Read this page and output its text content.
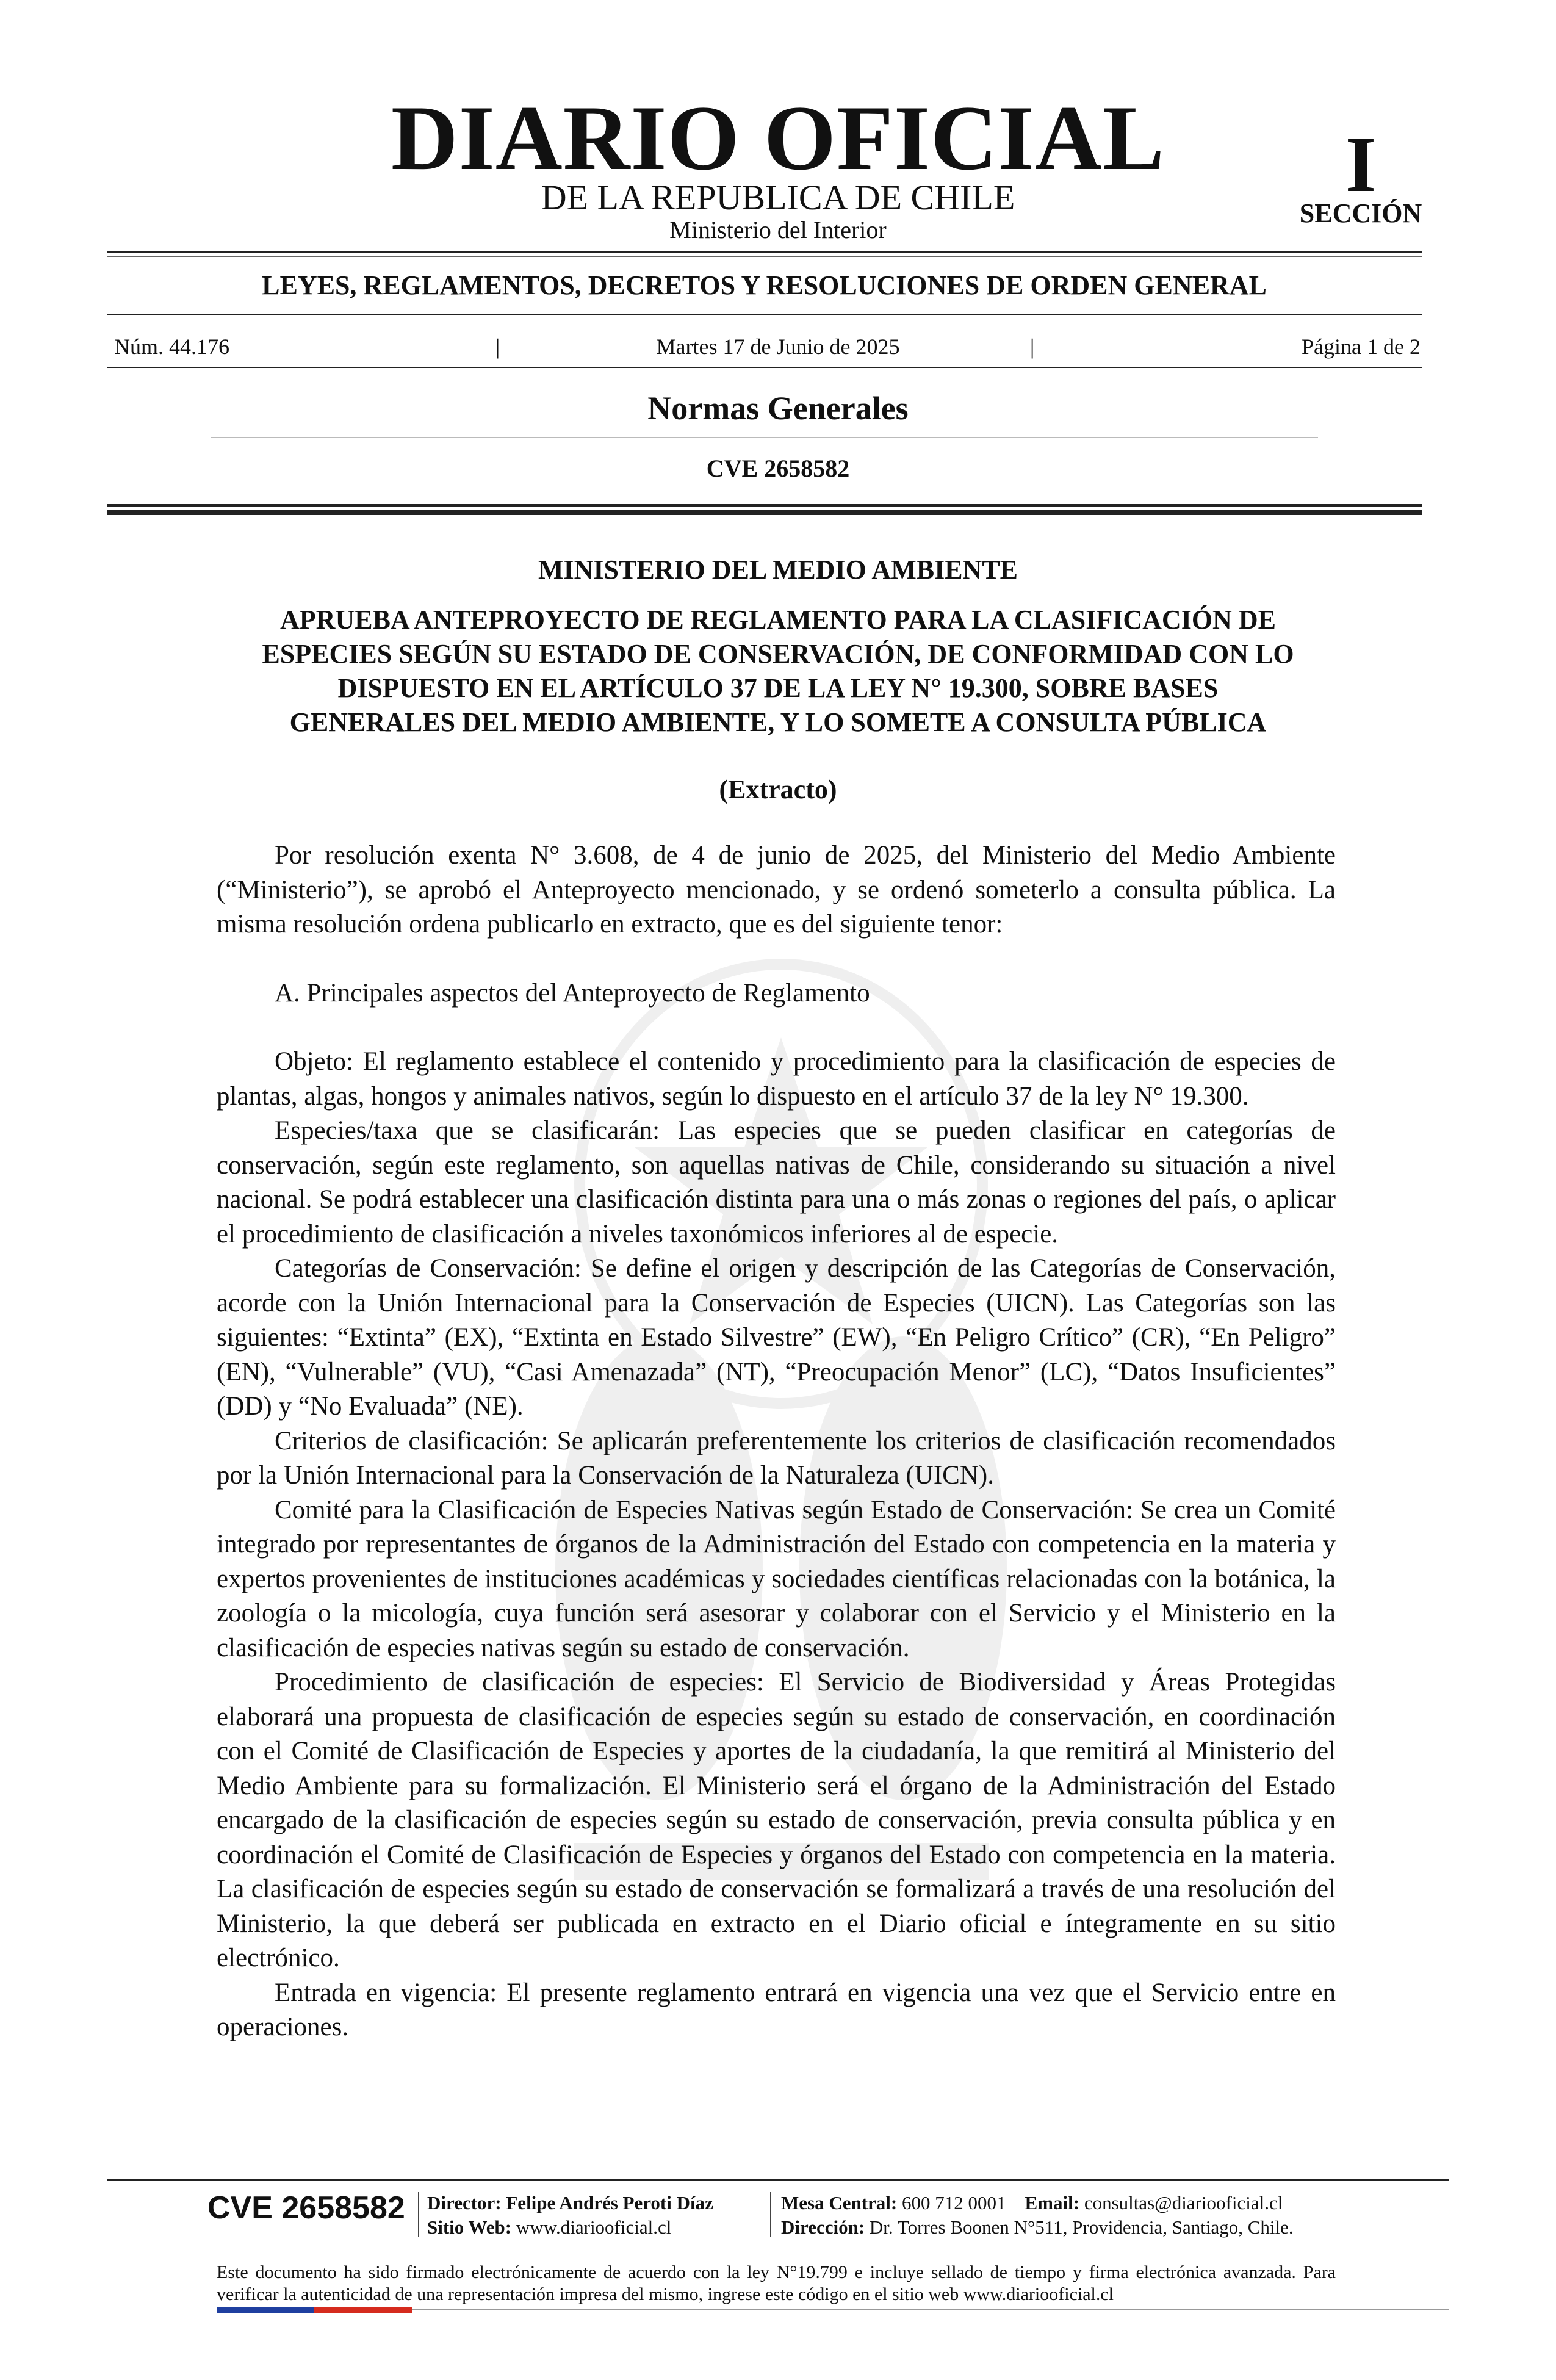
DIARIO OFICIAL
DE LA REPUBLICA DE CHILE
Ministerio del Interior
I
SECCIÓN
LEYES, REGLAMENTOS, DECRETOS Y RESOLUCIONES DE ORDEN GENERAL
Núm. 44.176	|	Martes 17 de Junio de 2025	|	Página 1 de 2
Normas Generales
CVE 2658582
MINISTERIO DEL MEDIO AMBIENTE
APRUEBA ANTEPROYECTO DE REGLAMENTO PARA LA CLASIFICACIÓN DE
ESPECIES SEGÚN SU ESTADO DE CONSERVACIÓN, DE CONFORMIDAD CON LO
DISPUESTO EN EL ARTÍCULO 37 DE LA LEY N° 19.300, SOBRE BASES
GENERALES DEL MEDIO AMBIENTE, Y LO SOMETE A CONSULTA PÚBLICA
(Extracto)

Por resolución exenta N° 3.608, de 4 de junio de 2025, del Ministerio del Medio Ambiente (“Ministerio”), se aprobó el Anteproyecto mencionado, y se ordenó someterlo a consulta pública. La misma resolución ordena publicarlo en extracto, que es del siguiente tenor:

A. Principales aspectos del Anteproyecto de Reglamento

Objeto: El reglamento establece el contenido y procedimiento para la clasificación de especies de plantas, algas, hongos y animales nativos, según lo dispuesto en el artículo 37 de la ley N° 19.300.

Especies/taxa que se clasificarán: Las especies que se pueden clasificar en categorías de conservación, según este reglamento, son aquellas nativas de Chile, considerando su situación a nivel nacional. Se podrá establecer una clasificación distinta para una o más zonas o regiones del país, o aplicar el procedimiento de clasificación a niveles taxonómicos inferiores al de especie.

Categorías de Conservación: Se define el origen y descripción de las Categorías de Conservación, acorde con la Unión Internacional para la Conservación de Especies (UICN). Las Categorías son las siguientes: “Extinta” (EX), “Extinta en Estado Silvestre” (EW), “En Peligro Crítico” (CR), “En Peligro” (EN), “Vulnerable” (VU), “Casi Amenazada” (NT), “Preocupación Menor” (LC), “Datos Insuficientes” (DD) y “No Evaluada” (NE).

Criterios de clasificación: Se aplicarán preferentemente los criterios de clasificación recomendados por la Unión Internacional para la Conservación de la Naturaleza (UICN).

Comité para la Clasificación de Especies Nativas según Estado de Conservación: Se crea un Comité integrado por representantes de órganos de la Administración del Estado con competencia en la materia y expertos provenientes de instituciones académicas y sociedades científicas relacionadas con la botánica, la zoología o la micología, cuya función será asesorar y colaborar con el Servicio y el Ministerio en la clasificación de especies nativas según su estado de conservación.

Procedimiento de clasificación de especies: El Servicio de Biodiversidad y Áreas Protegidas elaborará una propuesta de clasificación de especies según su estado de conservación, en coordinación con el Comité de Clasificación de Especies y aportes de la ciudadanía, la que remitirá al Ministerio del Medio Ambiente para su formalización. El Ministerio será el órgano de la Administración del Estado encargado de la clasificación de especies según su estado de conservación, previa consulta pública y en coordinación el Comité de Clasificación de Especies y órganos del Estado con competencia en la materia. La clasificación de especies según su estado de conservación se formalizará a través de una resolución del Ministerio, la que deberá ser publicada en extracto en el Diario oficial e íntegramente en su sitio electrónico.

Entrada en vigencia: El presente reglamento entrará en vigencia una vez que el Servicio entre en operaciones.

CVE 2658582 Director: Felipe Andrés Peroti Díaz
Sitio Web: www.diariooficial.cl
Mesa Central: 600 712 0001 Email: consultas@diariooficial.cl
Dirección: Dr. Torres Boonen N°511, Providencia, Santiago, Chile.
Este documento ha sido firmado electrónicamente de acuerdo con la ley N°19.799 e incluye sellado de tiempo y firma electrónica avanzada. Para verificar la autenticidad de una representación impresa del mismo, ingrese este código en el sitio web www.diariooficial.cl
